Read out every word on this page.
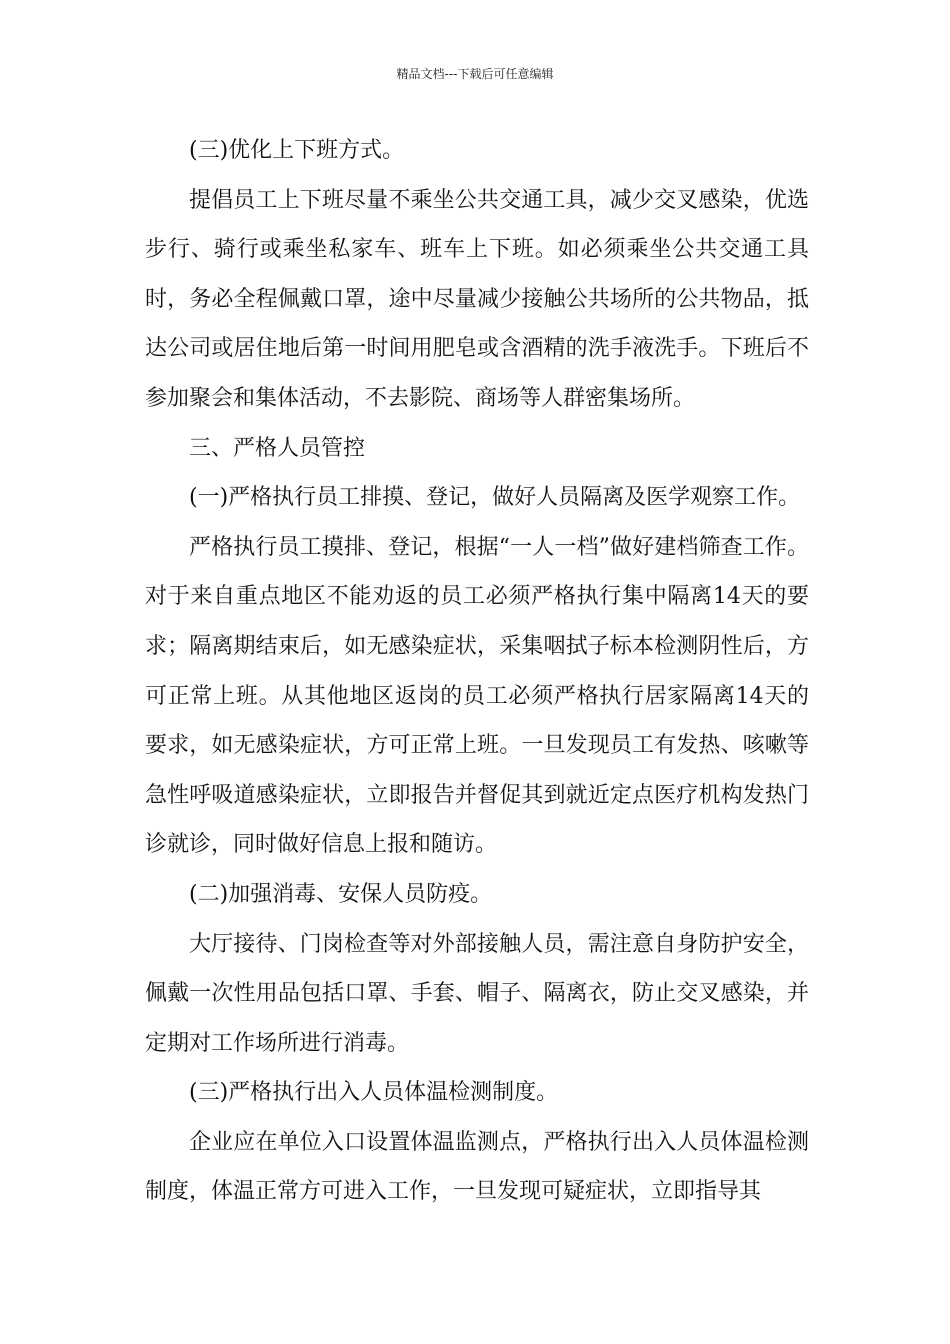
精品文档---下载后可任意编辑

(三)优化上下班方式。

提倡员工上下班尽量不乘坐公共交通工具，减少交叉感染，优选步行、骑行或乘坐私家车、班车上下班。如必须乘坐公共交通工具时，务必全程佩戴口罩，途中尽量减少接触公共场所的公共物品，抵达公司或居住地后第一时间用肥皂或含酒精的洗手液洗手。下班后不参加聚会和集体活动，不去影院、商场等人群密集场所。

三、严格人员管控

(一)严格执行员工排摸、登记，做好人员隔离及医学观察工作。

严格执行员工摸排、登记，根据“一人一档”做好建档筛查工作。对于来自重点地区不能劝返的员工必须严格执行集中隔离14天的要求；隔离期结束后，如无感染症状，采集咽拭子标本检测阴性后，方可正常上班。从其他地区返岗的员工必须严格执行居家隔离14天的要求，如无感染症状，方可正常上班。一旦发现员工有发热、咳嗽等急性呼吸道感染症状，立即报告并督促其到就近定点医疗机构发热门诊就诊，同时做好信息上报和随访。

(二)加强消毒、安保人员防疫。

大厅接待、门岗检查等对外部接触人员，需注意自身防护安全，佩戴一次性用品包括口罩、手套、帽子、隔离衣，防止交叉感染，并定期对工作场所进行消毒。

(三)严格执行出入人员体温检测制度。

企业应在单位入口设置体温监测点，严格执行出入人员体温检测制度，体温正常方可进入工作，一旦发现可疑症状，立即指导其
